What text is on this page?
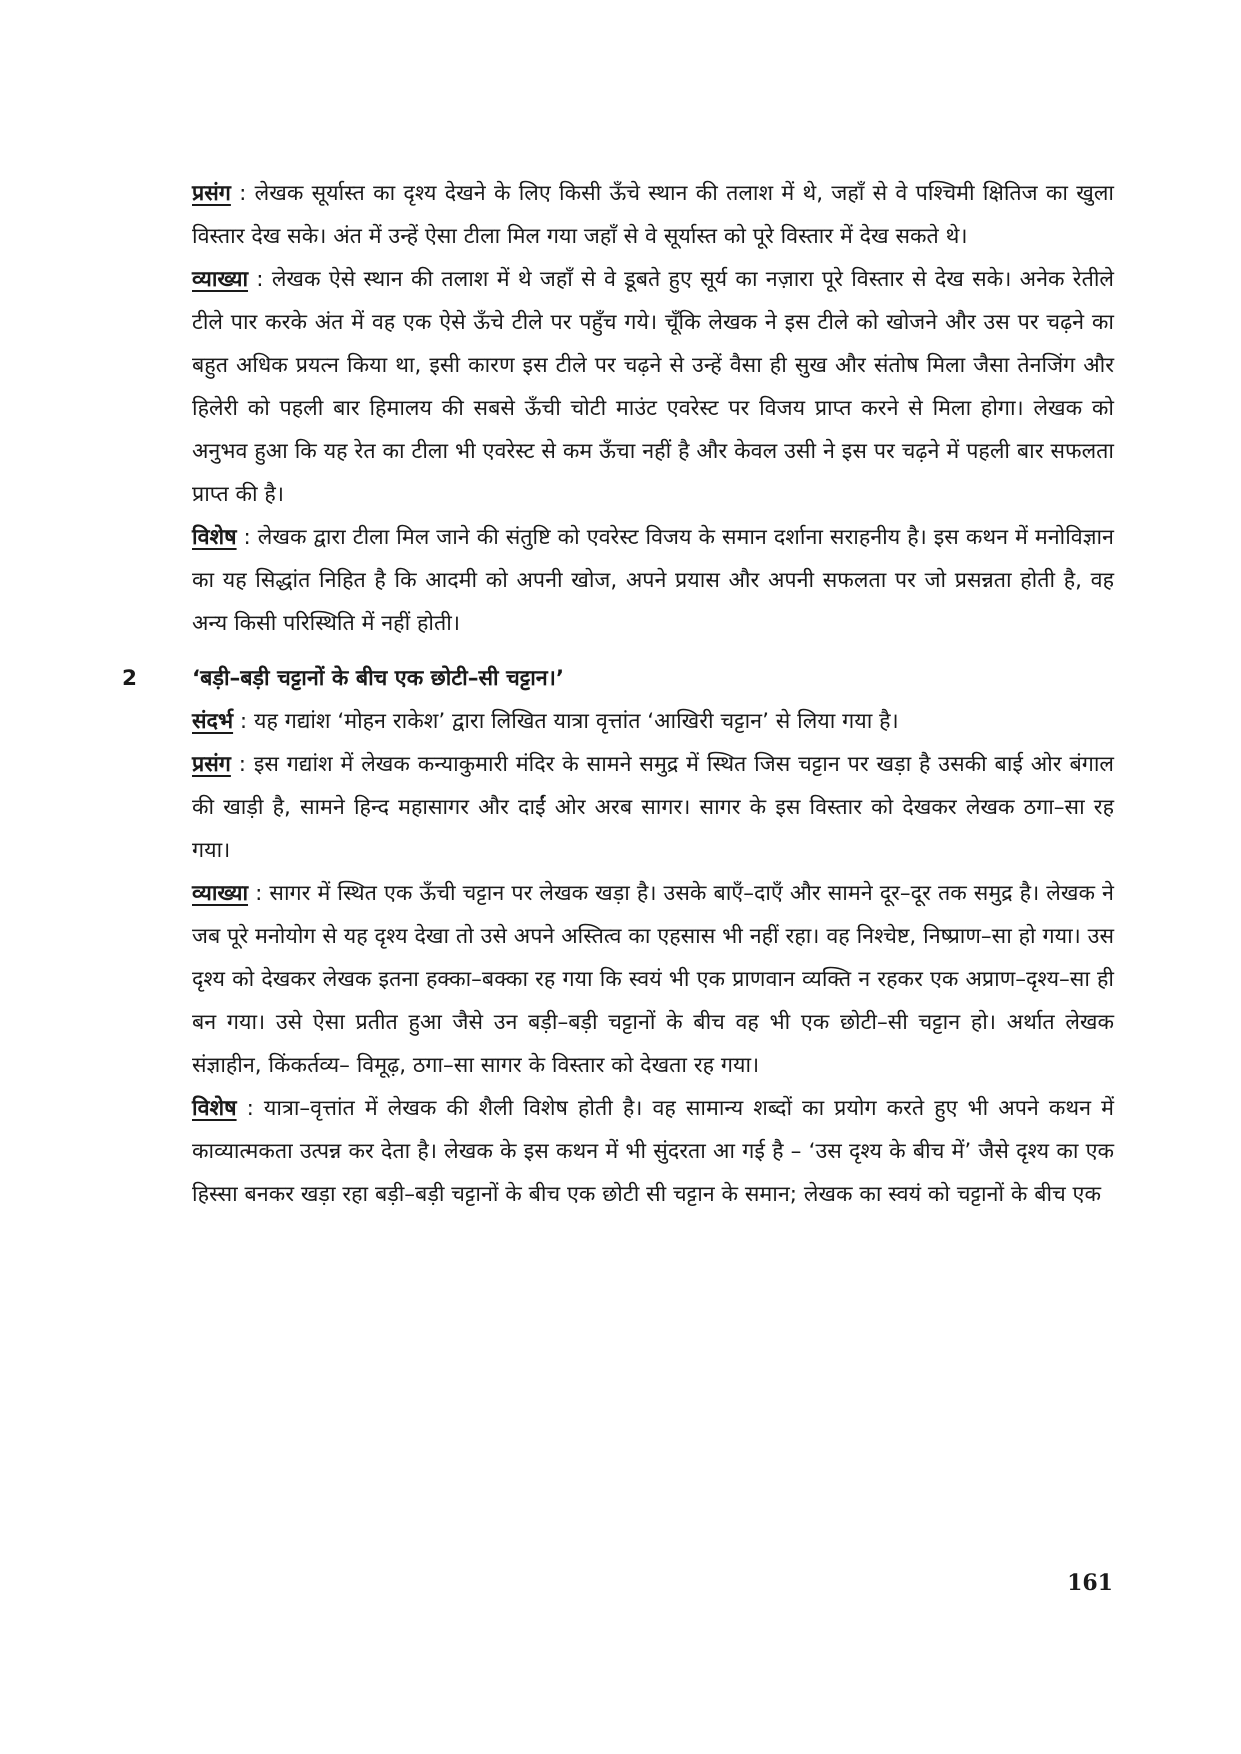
प्रसंग : लेखक सूर्यास्त का दृश्य देखने के लिए किसी ऊँचे स्थान की तलाश में थे, जहाँ से वे पश्चिमी क्षितिज का खुला विस्तार देख सके। अंत में उन्हें ऐसा टीला मिल गया जहाँ से वे सूर्यास्त को पूरे विस्तार में देख सकते थे।

व्याख्या : लेखक ऐसे स्थान की तलाश में थे जहाँ से वे डूबते हुए सूर्य का नज़ारा पूरे विस्तार से देख सके। अनेक रेतीले टीले पार करके अंत में वह एक ऐसे ऊँचे टीले पर पहुँच गये। चूँकि लेखक ने इस टीले को खोजने और उस पर चढ़ने का बहुत अधिक प्रयत्न किया था, इसी कारण इस टीले पर चढ़ने से उन्हें वैसा ही सुख और संतोष मिला जैसा तेनजिंग और हिलेरी को पहली बार हिमालय की सबसे ऊँची चोटी माउंट एवरेस्ट पर विजय प्राप्त करने से मिला होगा। लेखक को अनुभव हुआ कि यह रेत का टीला भी एवरेस्ट से कम ऊँचा नहीं है और केवल उसी ने इस पर चढ़ने में पहली बार सफलता प्राप्त की है।

विशेष : लेखक द्वारा टीला मिल जाने की संतुष्टि को एवरेस्ट विजय के समान दर्शाना सराहनीय है। इस कथन में मनोविज्ञान का यह सिद्धांत निहित है कि आदमी को अपनी खोज, अपने प्रयास और अपनी सफलता पर जो प्रसन्नता होती है, वह अन्य किसी परिस्थिति में नहीं होती।

2	‘बड़ी–बड़ी चट्टानों के बीच एक छोटी–सी चट्टान।’

संदर्भ : यह गद्यांश ‘मोहन राकेश’ द्वारा लिखित यात्रा वृत्तांत ‘आखिरी चट्टान’ से लिया गया है।

प्रसंग : इस गद्यांश में लेखक कन्याकुमारी मंदिर के सामने समुद्र में स्थित जिस चट्टान पर खड़ा है उसकी बाई ओर बंगाल की खाड़ी है, सामने हिन्द महासागर और दाईं ओर अरब सागर। सागर के इस विस्तार को देखकर लेखक ठगा–सा रह गया।

व्याख्या : सागर में स्थित एक ऊँची चट्टान पर लेखक खड़ा है। उसके बाएँ–दाएँ और सामने दूर–दूर तक समुद्र है। लेखक ने जब पूरे मनोयोग से यह दृश्य देखा तो उसे अपने अस्तित्व का एहसास भी नहीं रहा। वह निश्चेष्ट, निष्प्राण–सा हो गया। उस दृश्य को देखकर लेखक इतना हक्का–बक्का रह गया कि स्वयं भी एक प्राणवान व्यक्ति न रहकर एक अप्राण–दृश्य–सा ही बन गया। उसे ऐसा प्रतीत हुआ जैसे उन बड़ी–बड़ी चट्टानों के बीच वह भी एक छोटी–सी चट्टान हो। अर्थात लेखक संज्ञाहीन, किंकर्तव्य– विमूढ़, ठगा–सा सागर के विस्तार को देखता रह गया।

विशेष : यात्रा–वृत्तांत में लेखक की शैली विशेष होती है। वह सामान्य शब्दों का प्रयोग करते हुए भी अपने कथन में काव्यात्मकता उत्पन्न कर देता है। लेखक के इस कथन में भी सुंदरता आ गई है – ‘उस दृश्य के बीच में’ जैसे दृश्य का एक हिस्सा बनकर खड़ा रहा बड़ी–बड़ी चट्टानों के बीच एक छोटी सी चट्टान के समान; लेखक का स्वयं को चट्टानों के बीच एक

161
